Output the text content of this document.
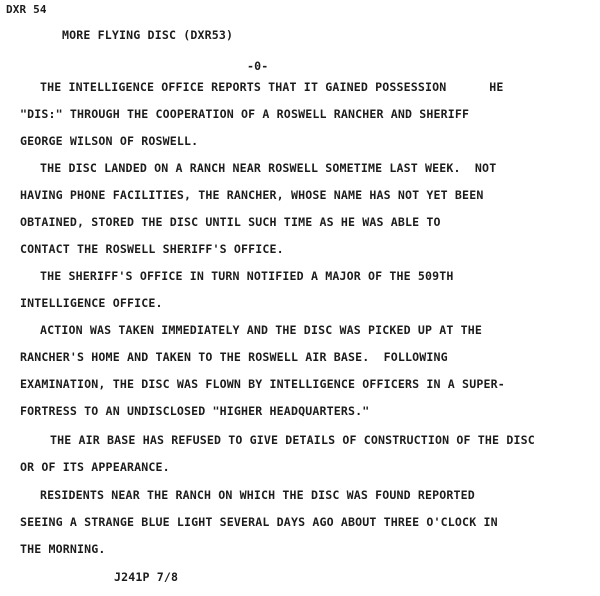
DXR 54
MORE FLYING DISC (DXR53)
-0-
THE INTELLIGENCE OFFICE REPORTS THAT IT GAINED POSSESSION      HE
"DIS:" THROUGH THE COOPERATION OF A ROSWELL RANCHER AND SHERIFF
GEORGE WILSON OF ROSWELL.
THE DISC LANDED ON A RANCH NEAR ROSWELL SOMETIME LAST WEEK.  NOT
HAVING PHONE FACILITIES, THE RANCHER, WHOSE NAME HAS NOT YET BEEN
OBTAINED, STORED THE DISC UNTIL SUCH TIME AS HE WAS ABLE TO
CONTACT THE ROSWELL SHERIFF'S OFFICE.
THE SHERIFF'S OFFICE IN TURN NOTIFIED A MAJOR OF THE 509TH
INTELLIGENCE OFFICE.
ACTION WAS TAKEN IMMEDIATELY AND THE DISC WAS PICKED UP AT THE
RANCHER'S HOME AND TAKEN TO THE ROSWELL AIR BASE.  FOLLOWING
EXAMINATION, THE DISC WAS FLOWN BY INTELLIGENCE OFFICERS IN A SUPER-
FORTRESS TO AN UNDISCLOSED "HIGHER HEADQUARTERS."
THE AIR BASE HAS REFUSED TO GIVE DETAILS OF CONSTRUCTION OF THE DISC
OR OF ITS APPEARANCE.
RESIDENTS NEAR THE RANCH ON WHICH THE DISC WAS FOUND REPORTED
SEEING A STRANGE BLUE LIGHT SEVERAL DAYS AGO ABOUT THREE O'CLOCK IN
THE MORNING.
J241P 7/8
